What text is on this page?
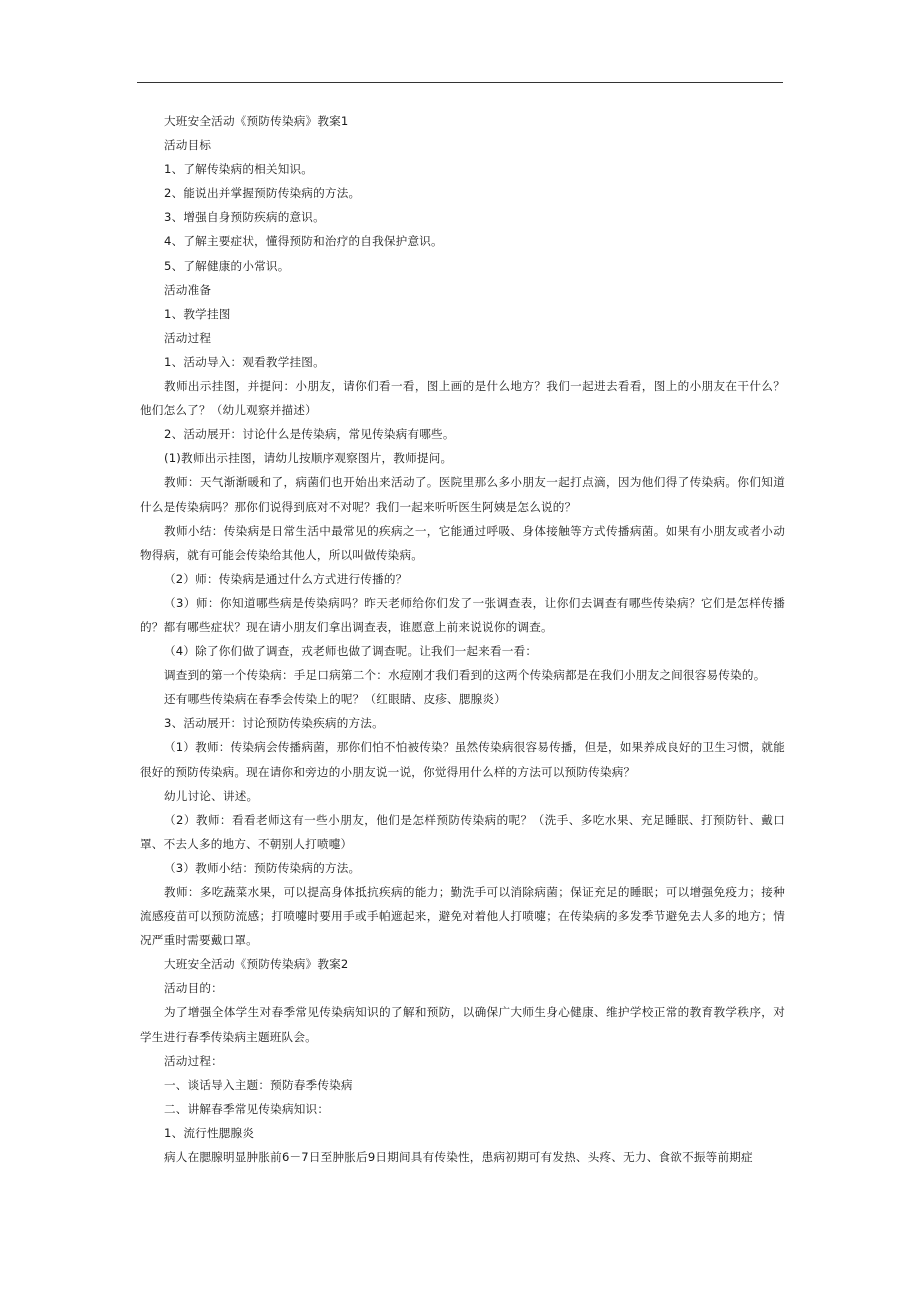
大班安全活动《预防传染病》教案1

活动目标

1、了解传染病的相关知识。

2、能说出并掌握预防传染病的方法。

3、增强自身预防疾病的意识。

4、了解主要症状，懂得预防和治疗的自我保护意识。

5、了解健康的小常识。

活动准备

1、教学挂图

活动过程

1、活动导入：观看教学挂图。

教师出示挂图，并提问：小朋友，请你们看一看，图上画的是什么地方？我们一起进去看看，图上的小朋友在干什么？他们怎么了？（幼儿观察并描述）

2、活动展开：讨论什么是传染病，常见传染病有哪些。

(1)教师出示挂图，请幼儿按顺序观察图片，教师提问。

教师：天气渐渐暖和了，病菌们也开始出来活动了。医院里那么多小朋友一起打点滴，因为他们得了传染病。你们知道什么是传染病吗？那你们说得到底对不对呢？我们一起来听听医生阿姨是怎么说的？

教师小结：传染病是日常生活中最常见的疾病之一，它能通过呼吸、身体接触等方式传播病菌。如果有小朋友或者小动物得病，就有可能会传染给其他人，所以叫做传染病。

（2）师：传染病是通过什么方式进行传播的？

（3）师：你知道哪些病是传染病吗？昨天老师给你们发了一张调查表，让你们去调查有哪些传染病？它们是怎样传播的？都有哪些症状？现在请小朋友们拿出调查表，谁愿意上前来说说你的调查。

（4）除了你们做了调查，戎老师也做了调查呢。让我们一起来看一看：

调查到的第一个传染病：手足口病第二个：水痘刚才我们看到的这两个传染病都是在我们小朋友之间很容易传染的。

还有哪些传染病在春季会传染上的呢？（红眼睛、皮疹、腮腺炎）

3、活动展开：讨论预防传染疾病的方法。

（1）教师：传染病会传播病菌，那你们怕不怕被传染？虽然传染病很容易传播，但是，如果养成良好的卫生习惯，就能很好的预防传染病。现在请你和旁边的小朋友说一说，你觉得用什么样的方法可以预防传染病？

幼儿讨论、讲述。

（2）教师：看看老师这有一些小朋友，他们是怎样预防传染病的呢？（洗手、多吃水果、充足睡眠、打预防针、戴口罩、不去人多的地方、不朝别人打喷嚏）

（3）教师小结：预防传染病的方法。

教师：多吃蔬菜水果，可以提高身体抵抗疾病的能力；勤洗手可以消除病菌；保证充足的睡眠；可以增强免疫力；接种流感疫苗可以预防流感；打喷嚏时要用手或手帕遮起来，避免对着他人打喷嚏；在传染病的多发季节避免去人多的地方；情况严重时需要戴口罩。

大班安全活动《预防传染病》教案2

活动目的：

为了增强全体学生对春季常见传染病知识的了解和预防，以确保广大师生身心健康、维护学校正常的教育教学秩序，对学生进行春季传染病主题班队会。

活动过程：

一、谈话导入主题：预防春季传染病

二、讲解春季常见传染病知识：

1、流行性腮腺炎

病人在腮腺明显肿胀前6－7日至肿胀后9日期间具有传染性，患病初期可有发热、头疼、无力、食欲不振等前期症
